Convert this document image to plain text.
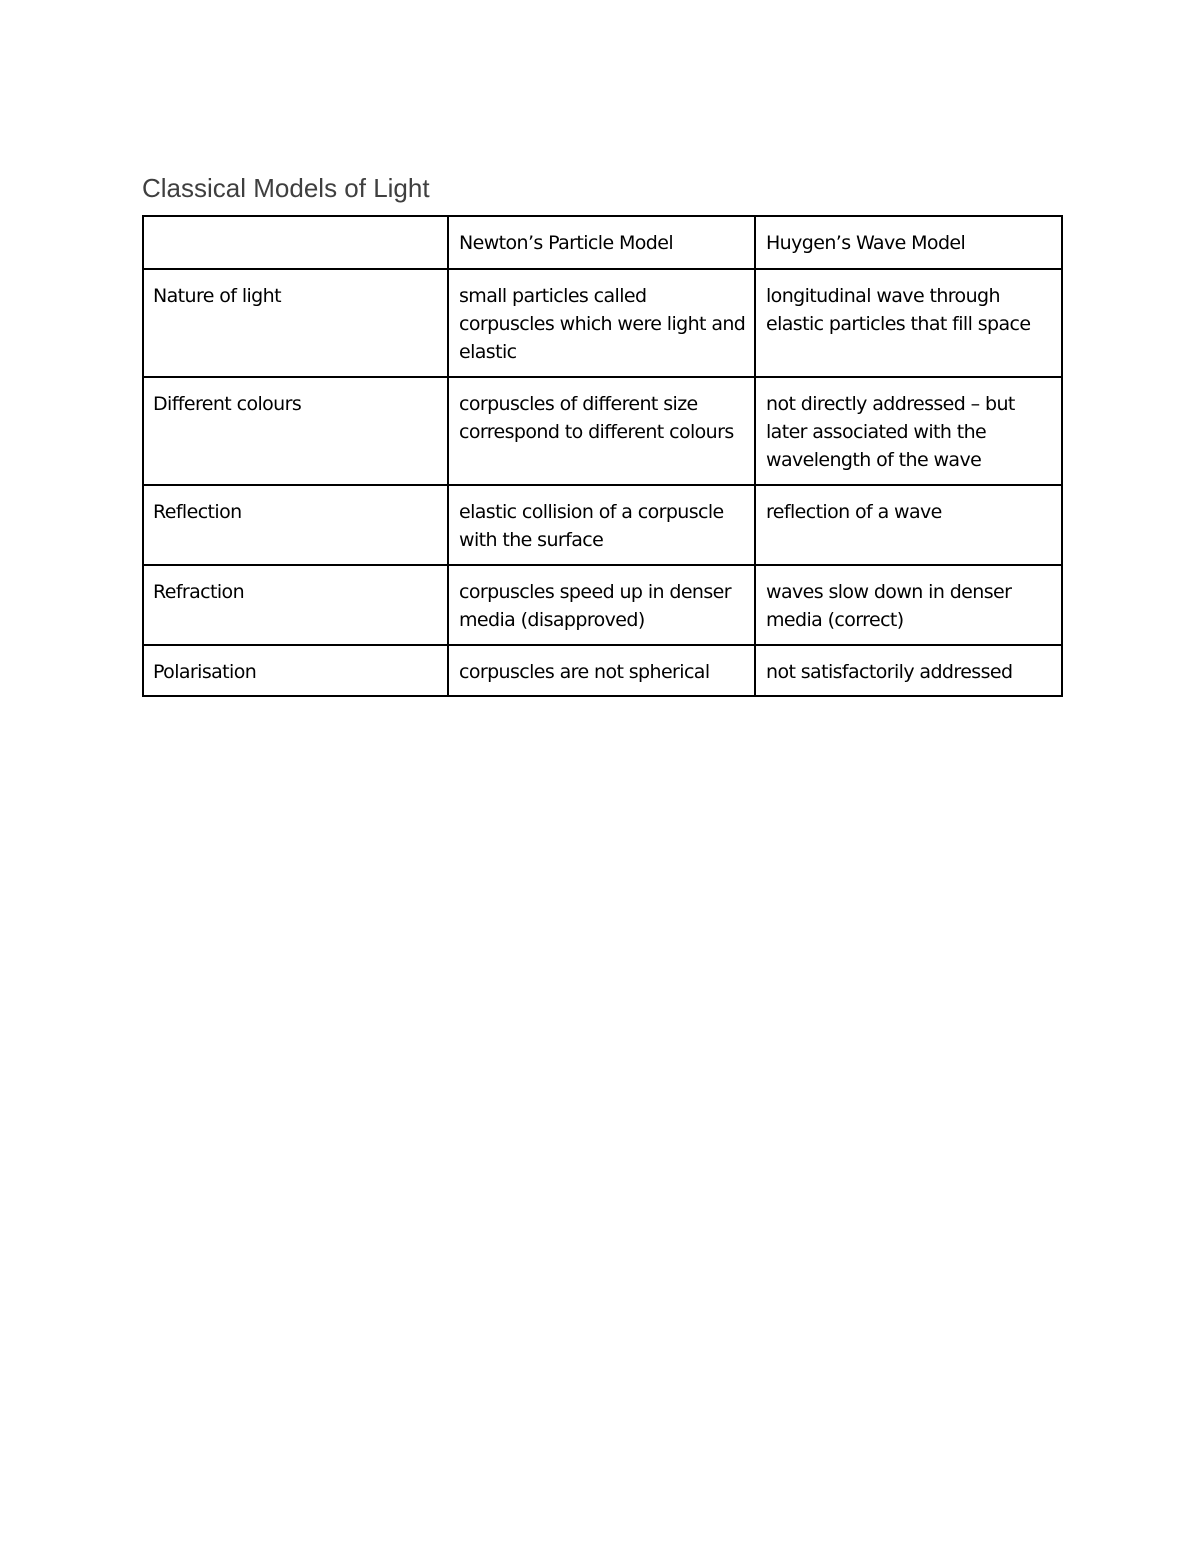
Classical Models of Light
	Newton’s Particle Model	Huygen’s Wave Model
Nature of light	small particles called corpuscles which were light and elastic	longitudinal wave through elastic particles that fill space
Different colours	corpuscles of different size correspond to different colours	not directly addressed – but later associated with the wavelength of the wave
Reflection	elastic collision of a corpuscle with the surface	reflection of a wave
Refraction	corpuscles speed up in denser media (disapproved)	waves slow down in denser media (correct)
Polarisation	corpuscles are not spherical	not satisfactorily addressed
